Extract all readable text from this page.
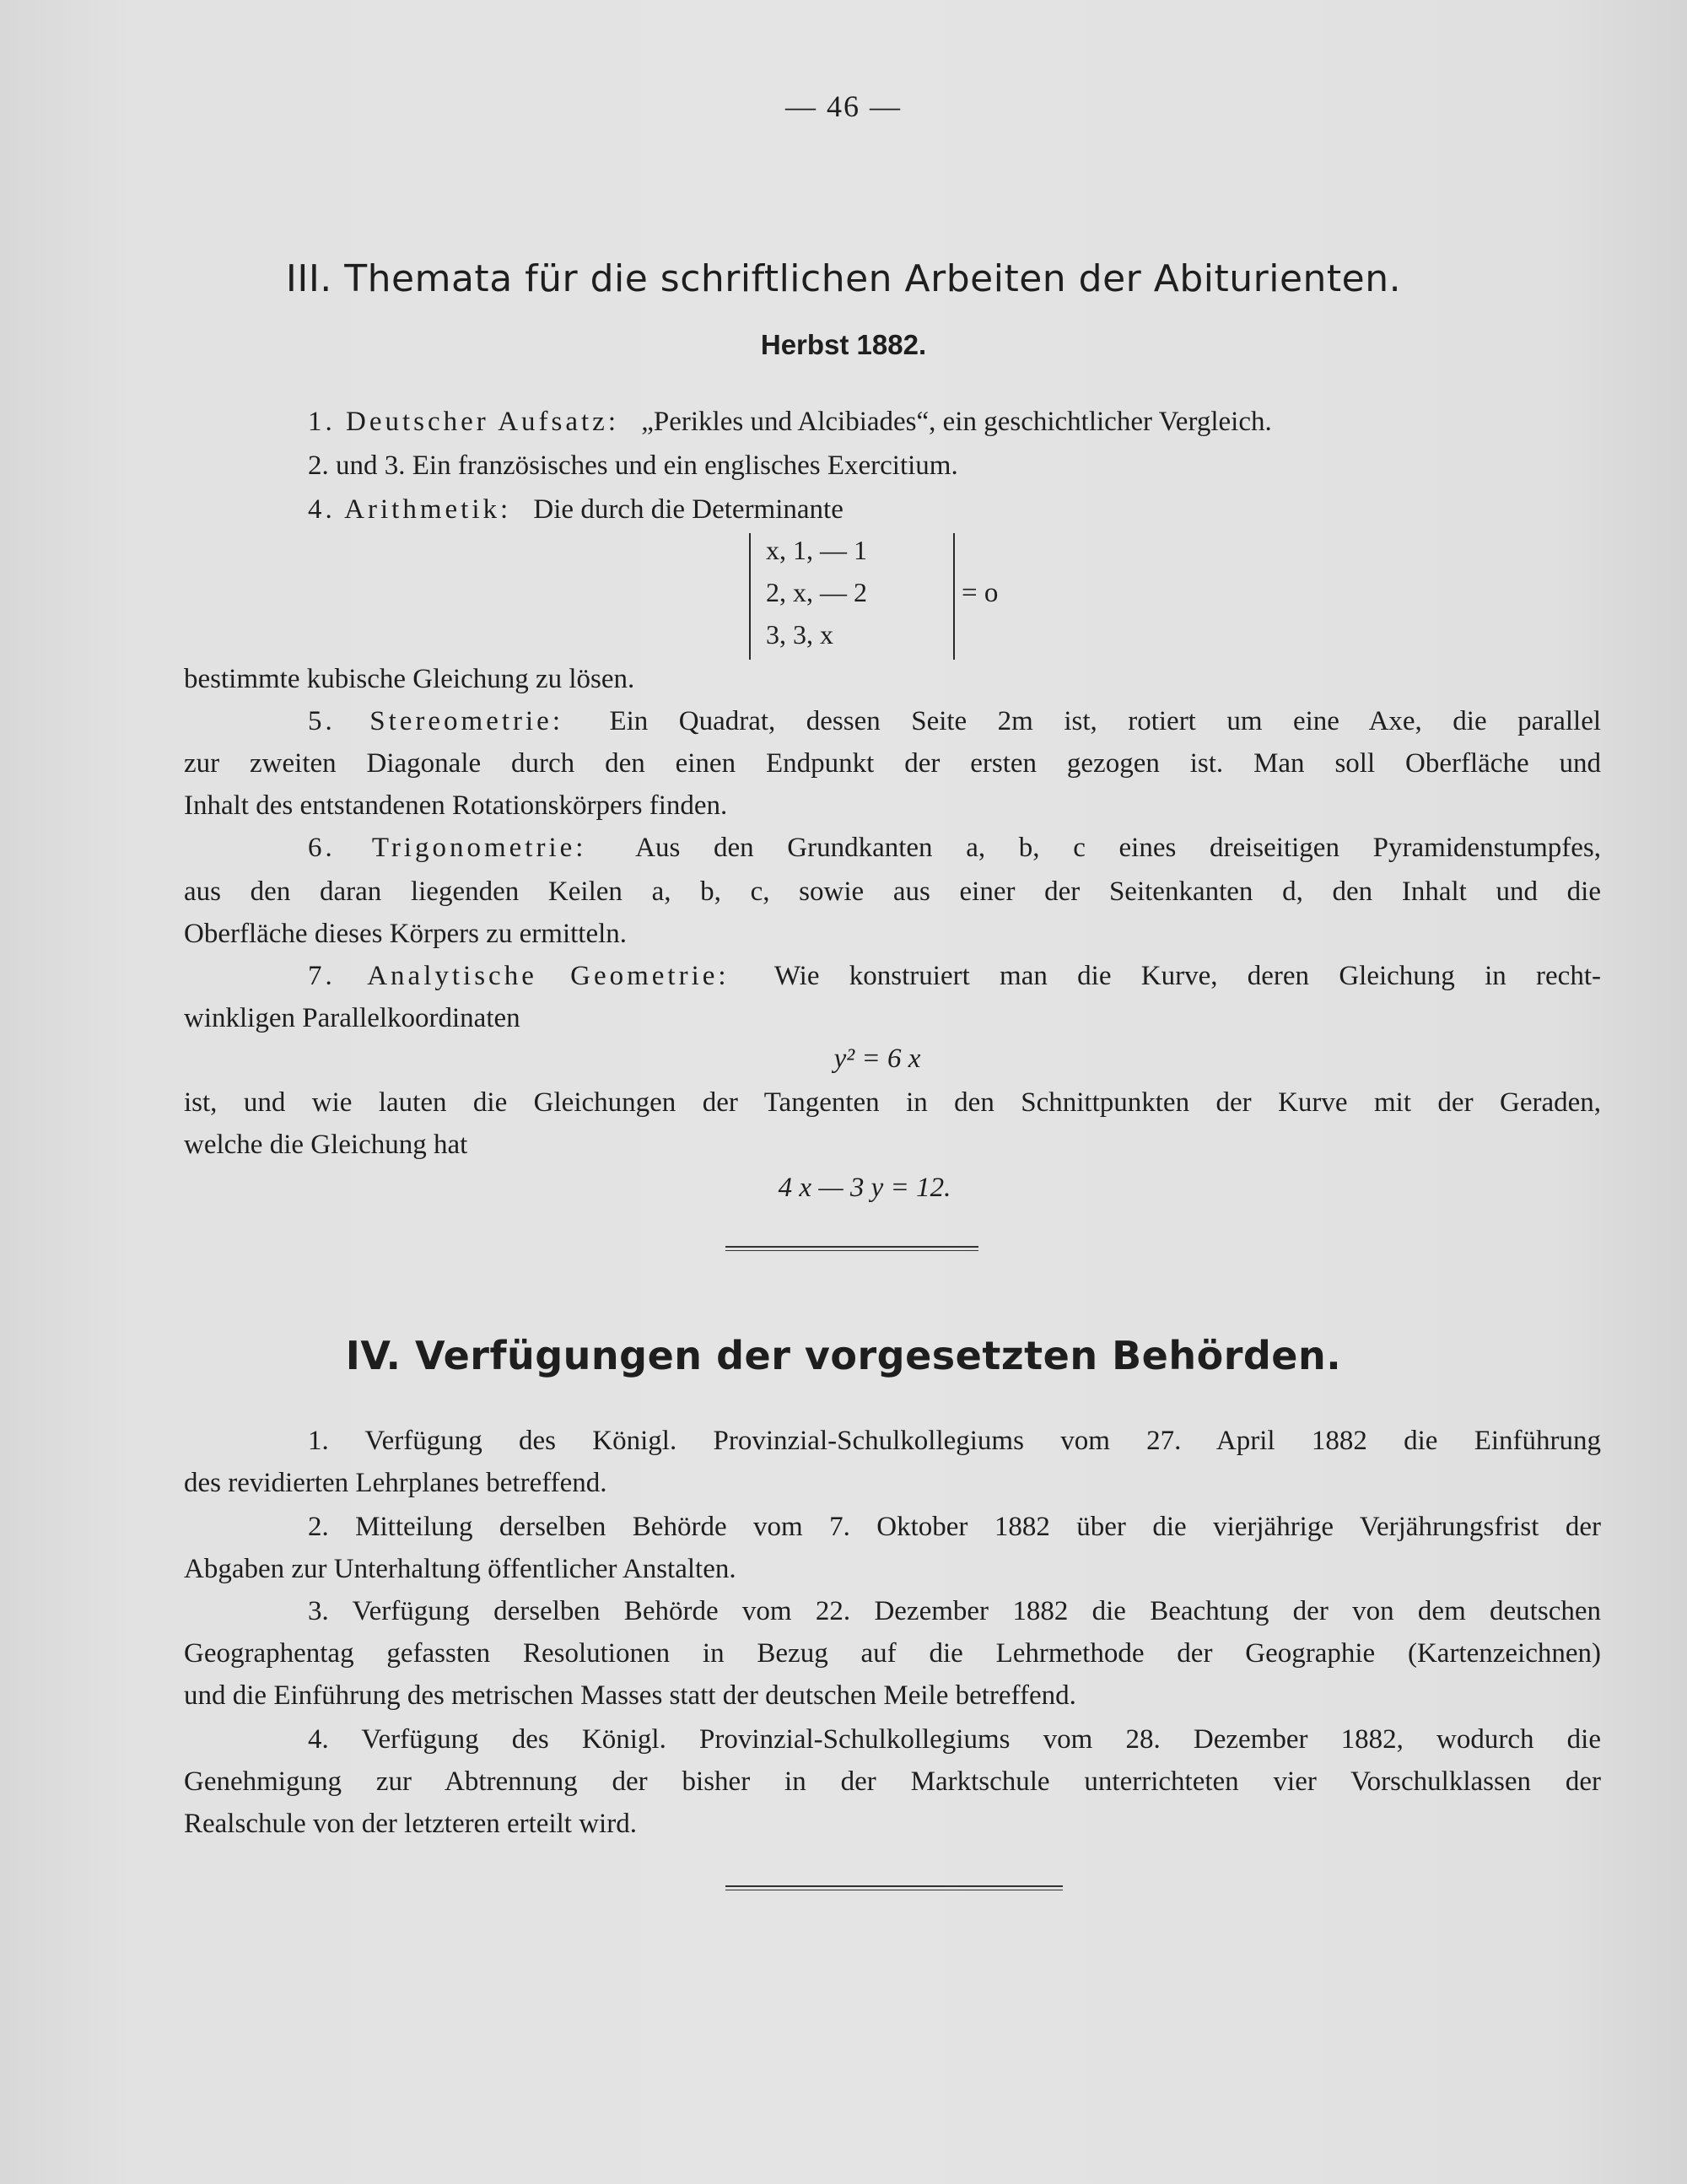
— 46 —
III. Themata für die schriftlichen Arbeiten der Abiturienten.
Herbst 1882.
1. Deutscher Aufsatz: „Perikles und Alcibiades“, ein geschichtlicher Vergleich.
2. und 3. Ein französisches und ein englisches Exercitium.
4. Arithmetik: Die durch die Determinante
x, 1, — 1
2, x, — 2
3, 3, x
= o
bestimmte kubische Gleichung zu lösen.
5. Stereometrie: Ein Quadrat, dessen Seite 2m ist, rotiert um eine Axe, die parallel
zur zweiten Diagonale durch den einen Endpunkt der ersten gezogen ist. Man soll Oberfläche und
Inhalt des entstandenen Rotationskörpers finden.
6. Trigonometrie: Aus den Grundkanten a, b, c eines dreiseitigen Pyramidenstumpfes,
aus den daran liegenden Keilen a, b, c, sowie aus einer der Seitenkanten d, den Inhalt und die
Oberfläche dieses Körpers zu ermitteln.
7. Analytische Geometrie: Wie konstruiert man die Kurve, deren Gleichung in recht-
winkligen Parallelkoordinaten
y² = 6 x
ist, und wie lauten die Gleichungen der Tangenten in den Schnittpunkten der Kurve mit der Geraden,
welche die Gleichung hat
4 x — 3 y = 12.
IV. Verfügungen der vorgesetzten Behörden.
1. Verfügung des Königl. Provinzial-Schulkollegiums vom 27. April 1882 die Einführung
des revidierten Lehrplanes betreffend.
2. Mitteilung derselben Behörde vom 7. Oktober 1882 über die vierjährige Verjährungsfrist der
Abgaben zur Unterhaltung öffentlicher Anstalten.
3. Verfügung derselben Behörde vom 22. Dezember 1882 die Beachtung der von dem deutschen
Geographentag gefassten Resolutionen in Bezug auf die Lehrmethode der Geographie (Kartenzeichnen)
und die Einführung des metrischen Masses statt der deutschen Meile betreffend.
4. Verfügung des Königl. Provinzial-Schulkollegiums vom 28. Dezember 1882, wodurch die
Genehmigung zur Abtrennung der bisher in der Marktschule unterrichteten vier Vorschulklassen der
Realschule von der letzteren erteilt wird.
